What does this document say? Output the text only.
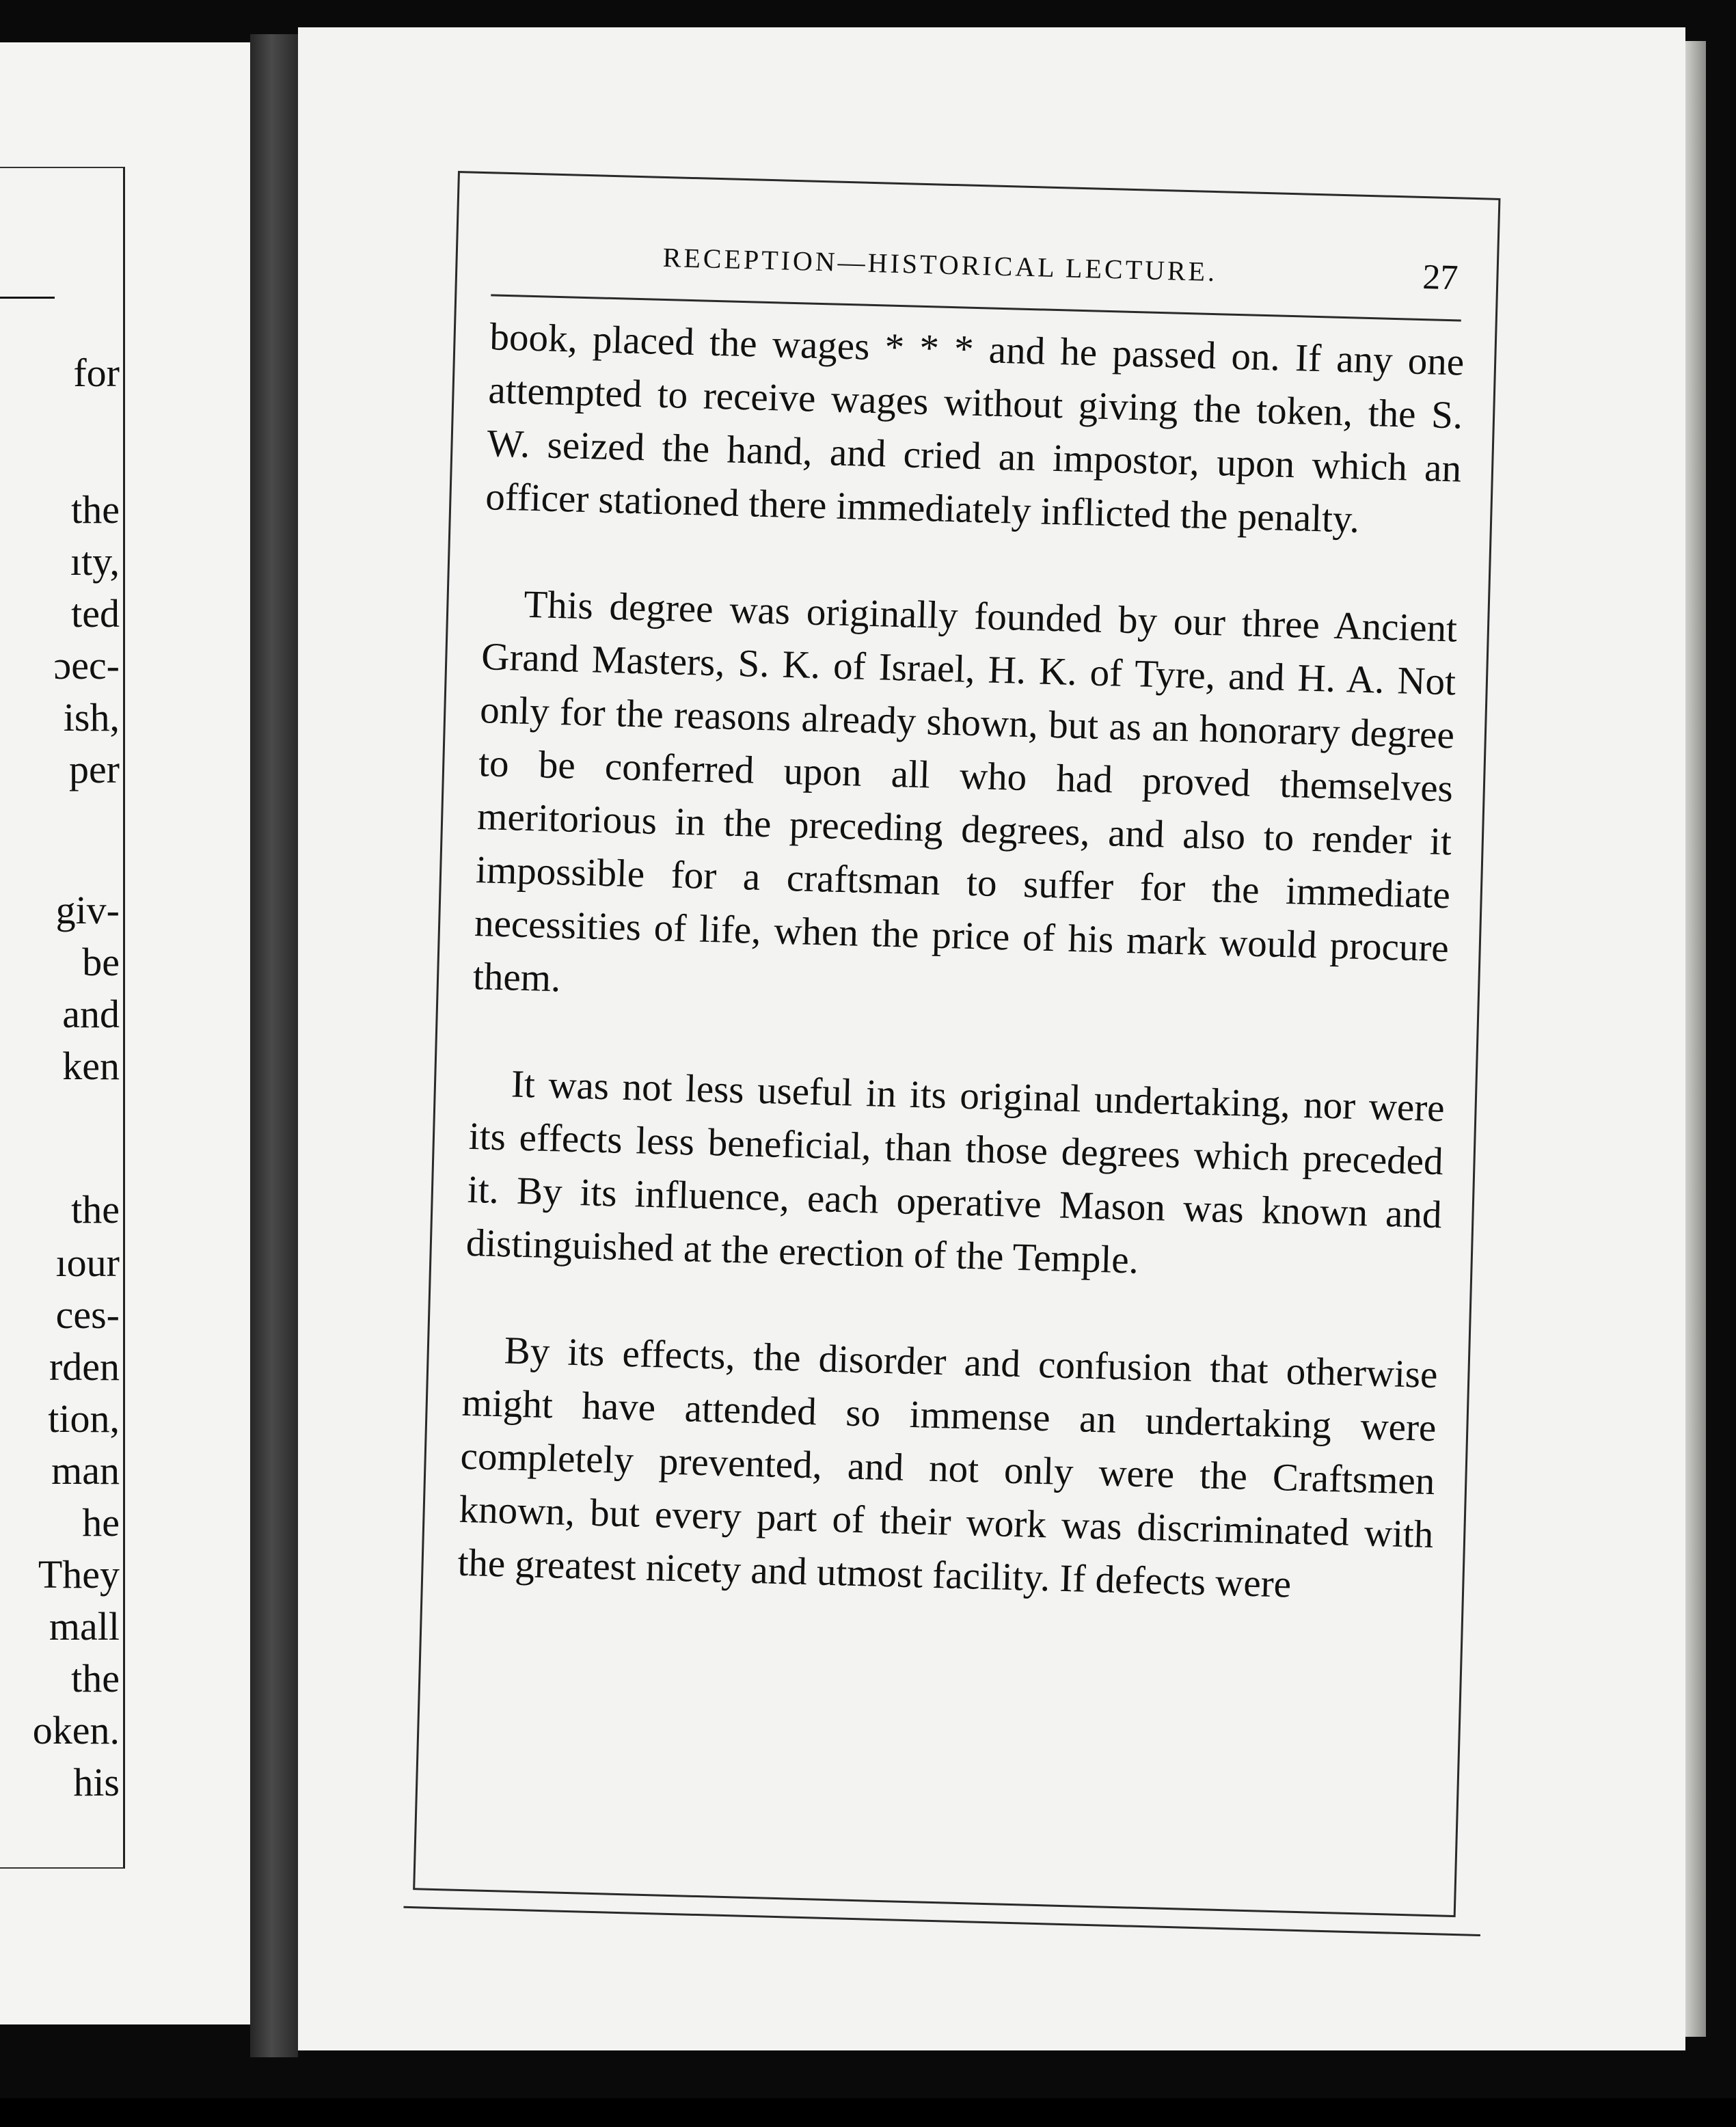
for
the
ıty,
ted
ɔec-
ish,
per
giv-
be
and
ken
the
ıour
ces-
rden
tion,
man
he
They
mall
the
oken.
his
RECEPTION—HISTORICAL LECTURE.	27

book, placed the wages * * * and he passed on. If any one attempted to receive wages without giving the token, the S. W. seized the hand, and cried an impostor, upon which an officer stationed there immediately inflicted the penalty.

This degree was originally founded by our three Ancient Grand Masters, S. K. of Israel, H. K. of Tyre, and H. A. Not only for the reasons already shown, but as an honorary degree to be conferred upon all who had proved themselves meritorious in the preceding degrees, and also to render it impossible for a craftsman to suffer for the immediate necessities of life, when the price of his mark would procure them.

It was not less useful in its original undertaking, nor were its effects less beneficial, than those degrees which preceded it. By its influence, each operative Mason was known and distinguished at the erection of the Temple.

By its effects, the disorder and confusion that otherwise might have attended so immense an undertaking were completely prevented, and not only were the Craftsmen known, but every part of their work was discriminated with the greatest nicety and utmost facility. If defects were
